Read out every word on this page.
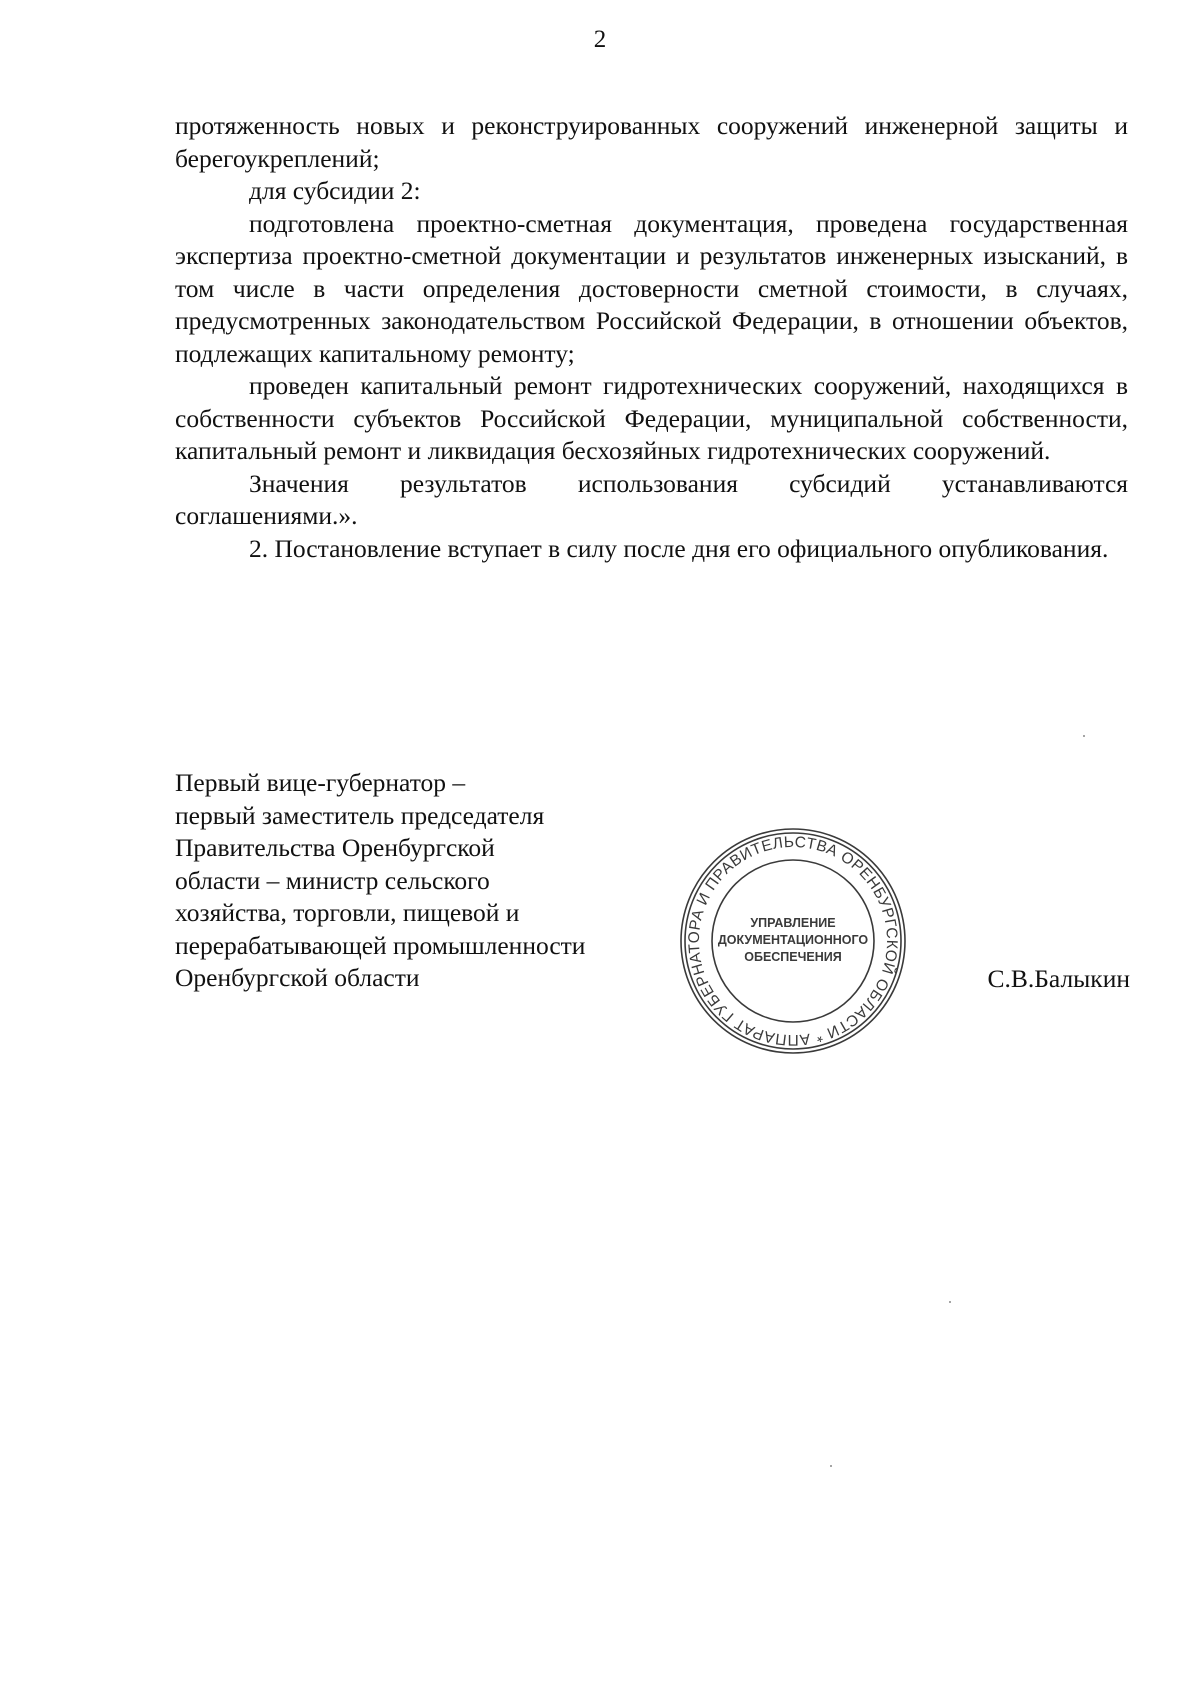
2

протяженность новых и реконструированных сооружений инженерной защиты и берегоукреплений;

для субсидии 2:

подготовлена проектно-сметная документация, проведена государственная экспертиза проектно-сметной документации и результатов инженерных изысканий, в том числе в части определения достоверности сметной стоимости, в случаях, предусмотренных законодательством Российской Федерации, в отношении объектов, подлежащих капитальному ремонту;

проведен капитальный ремонт гидротехнических сооружений, находящихся в собственности субъектов Российской Федерации, муниципальной собственности, капитальный ремонт и ликвидация бесхозяйных гидротехнических сооружений.

Значения результатов использования субсидий устанавливаются соглашениями.».

2. Постановление вступает в силу после дня его официального опубликования.

Первый вице-губернатор –
первый заместитель председателя
Правительства Оренбургской
области – министр сельского
хозяйства, торговли, пищевой и
перерабатывающей промышленности
Оренбургской области	С.В.Балыкин
АППАРАТ ГУБЕРНАТОРА И ПРАВИТЕЛЬСТВА ОРЕНБУРГСКОЙ ОБЛАСТИ *
УПРАВЛЕНИЕ
ДОКУМЕНТАЦИОННОГО
ОБЕСПЕЧЕНИЯ
